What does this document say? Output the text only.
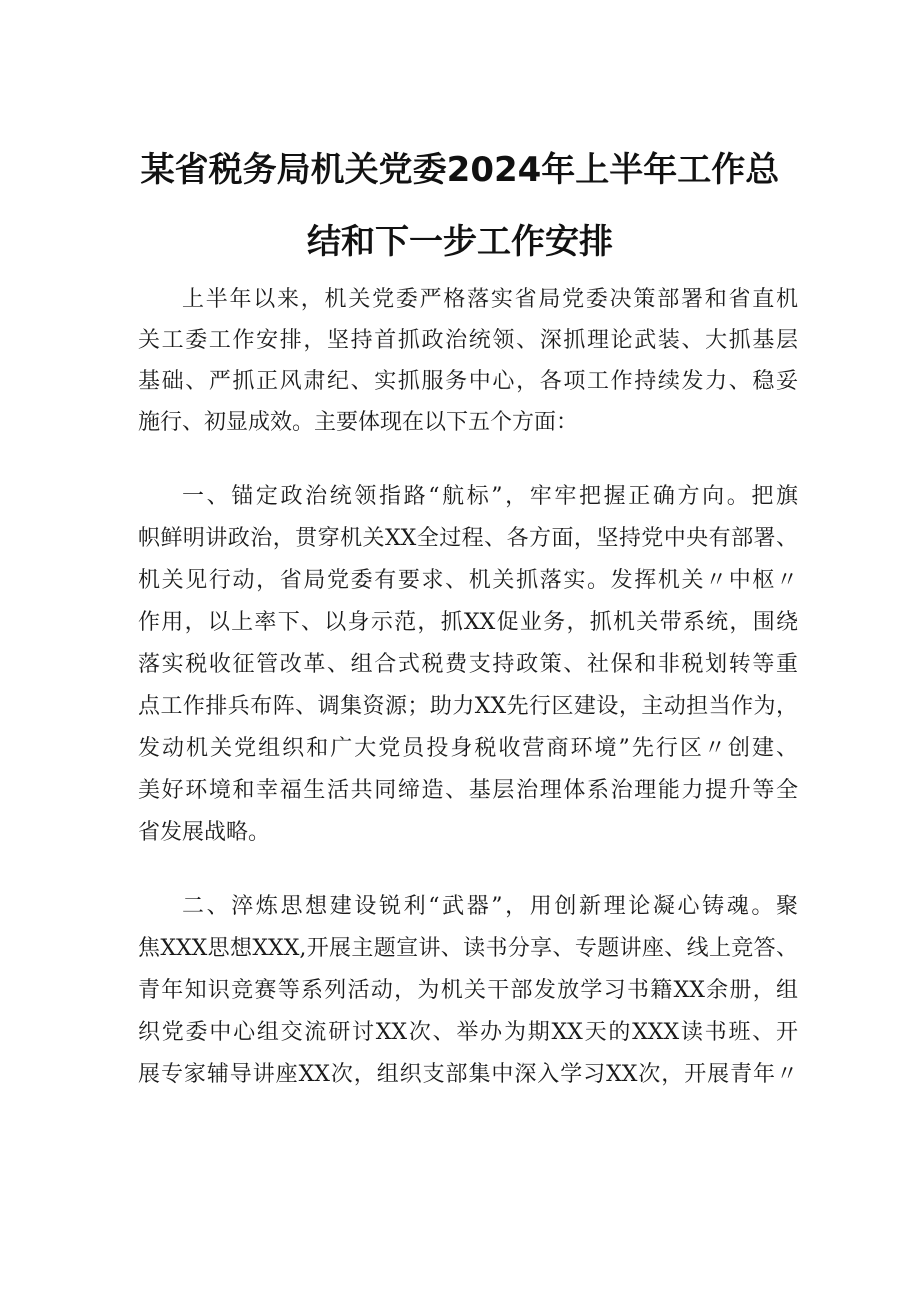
某省税务局机关党委2024年上半年工作总
结和下一步工作安排
上半年以来，机关党委严格落实省局党委决策部署和省直机
关工委工作安排，坚持首抓政治统领、深抓理论武装、大抓基层
基础、严抓正风肃纪、实抓服务中心，各项工作持续发力、稳妥
施行、初显成效。主要体现在以下五个方面：
一、锚定政治统领指路“航标”，牢牢把握正确方向。把旗
帜鲜明讲政治，贯穿机关XX全过程、各方面，坚持党中央有部署、
机关见行动，省局党委有要求、机关抓落实。发挥机关〃中枢〃
作用，以上率下、以身示范，抓XX促业务，抓机关带系统，围绕
落实税收征管改革、组合式税费支持政策、社保和非税划转等重
点工作排兵布阵、调集资源；助力XX先行区建设，主动担当作为，
发动机关党组织和广大党员投身税收营商环境”先行区〃创建、
美好环境和幸福生活共同缔造、基层治理体系治理能力提升等全
省发展战略。
二、淬炼思想建设锐利“武器”，用创新理论凝心铸魂。聚
焦XXX思想XXX,开展主题宣讲、读书分享、专题讲座、线上竞答、
青年知识竞赛等系列活动，为机关干部发放学习书籍XX余册，组
织党委中心组交流研讨XX次、举办为期XX天的XXX读书班、开
展专家辅导讲座XX次，组织支部集中深入学习XX次，开展青年〃
